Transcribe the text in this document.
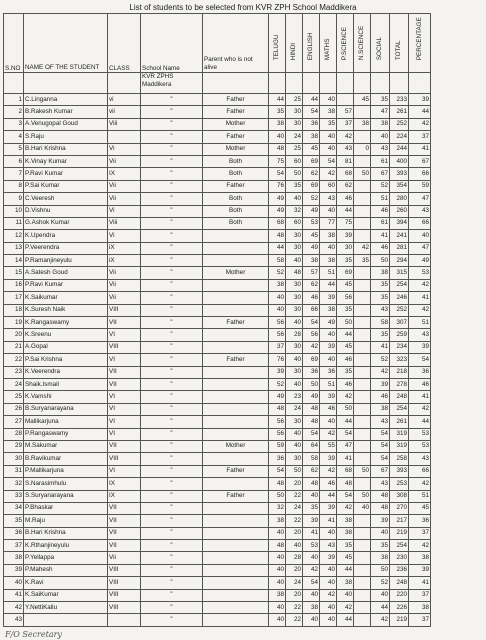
List of students to be selected from KVR ZPH School Maddikera
S.NO	NAME OF THE STUDENT	CLASS	School Name	Parent who is not alive	TELUGU	HINDI	ENGLISH	MATHS	P.SCIENCE	N.SCIENCE	SOCIAL	TOTAL	PERCENTAGE
			KVR ZPHS Maddikera										
1	C.Linganna	vi	"	Father	44	25	44	40		45	35	233	39
2	B.Rakesh Kumar	vii	"	Father	35	30	54	38	57		47	261	44
3	A.Venugopal Goud	Viii	"	Mother	38	30	36	35	37	38	38	252	42
4	S.Raju		"	Father	40	24	38	40	42		40	224	37
5	B.Hari Krishna	Vi	"	Mother	48	25	45	40	43	0	43	244	41
6	K.Vinay Kumar	Vii	"	Both	75	60	69	54	81		61	400	67
7	P.Ravi Kumar	IX	"	Both	54	50	62	42	68	50	67	393	66
8	P.Sai Kumar	Vii	"	Father	76	35	69	60	62		52	354	59
9	C.Veeresh	Vii	"	Both	49	40	52	43	46		51	280	47
10	D.Vishnu	Vi	"	Both	49	32	49	40	44		46	260	43
11	G.Ashok Kumar	Viii	"	Both	68	60	53	77	75		61	394	66
12	K.Upendra	Vi	"		48	30	45	38	39		41	241	40
13	P.Veerendra	iX	"		44	30	49	40	30	42	46	281	47
14	P.Ramanjineyulu	iX	"		58	40	38	38	35	35	50	294	49
15	A.Satesh Goud	Vii	"	Mother	52	48	57	51	69		38	315	53
16	P.Ravi Kumar	Vii	"		38	30	62	44	45		35	254	42
17	K.Saikumar	Vii	"		40	30	46	39	56		35	246	41
18	K.Suresh Naik	VIII	"		40	30	66	38	35		43	252	42
19	K.Rangaswamy	VII	"	Father	56	40	54	49	50		58	307	51
20	K.Sreenu	VI	"		56	28	56	40	44		35	259	43
21	A.Gopal	VIII	"		37	30	42	39	45		41	234	39
22	P.Sai Krishna	VI	"	Father	76	40	69	40	46		52	323	54
23	K.Veerendra	VII	"		39	30	36	36	35		42	218	36
24	Shaik.Ismail	VII	"		52	40	50	51	46		39	278	46
25	K.Vamshi	VI	"		49	23	49	39	42		46	248	41
26	B.Suryanarayana	VI	"		48	24	48	46	50		38	254	42
27	Mallikarjuna	VI	"		56	30	48	40	44		43	261	44
28	P.Rangaswamy	VI	"		56	40	54	42	54		54	319	53
29	M.Sakumar	VII	"	Mother	59	40	64	55	47		54	319	53
30	B.Ravikumar	VIII	"		36	30	58	39	41		54	258	43
31	P.Mallikarjuna	VI	"	Father	54	50	62	42	68	50	67	393	66
32	S.Narasimhulu	IX	"		48	20	48	46	48		43	253	42
33	S.Suryanarayana	IX	"	Father	50	22	40	44	54	50	48	308	51
34	P.Bhaskar	VII	"		32	24	35	39	42	40	48	270	45
35	M.Raju	VII	"		38	22	39	41	38		39	217	36
36	B.Hari Krishna	VII	"		40	20	41	40	38		40	219	37
37	K.Rthanjineyulu	VII	"		48	40	53	43	35		35	254	42
38	P.Yellappa	Vii	"		40	28	40	39	45		38	230	38
39	P.Mahesh	VIII	"		40	20	42	40	44		50	236	39
40	K.Ravi	VIII	"		40	24	54	40	38		52	248	41
41	K.SaiKumar	VIII	"		38	20	40	42	40		40	220	37
42	Y.NettiKallu	VIII	"		40	22	38	40	42		44	226	38
43			"		40	22	40	40	44		42	219	37
F/O Secretary
